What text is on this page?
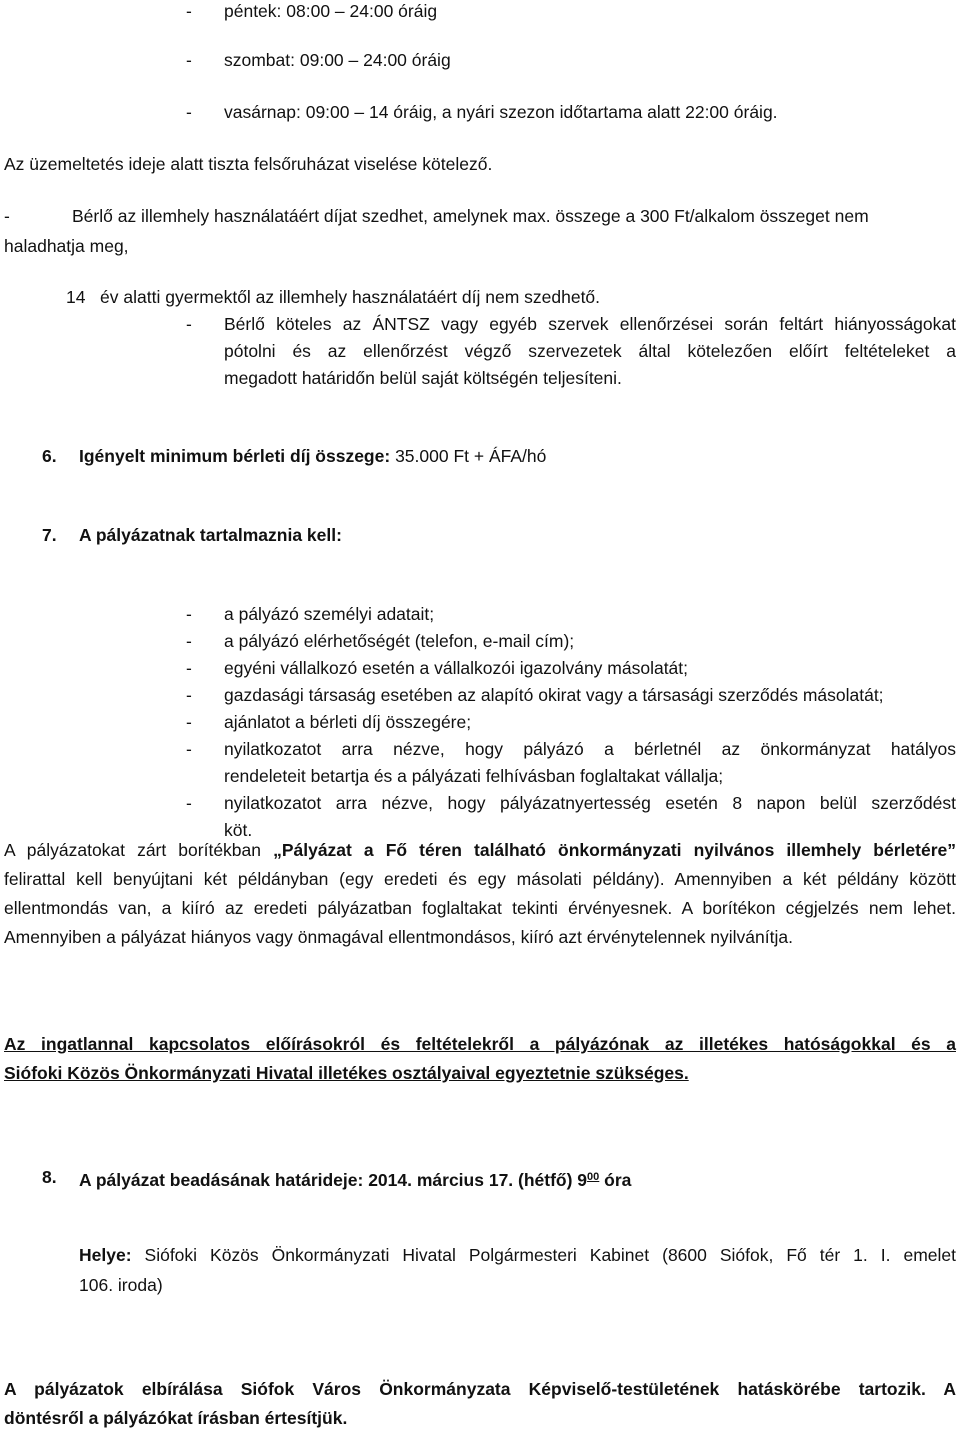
- péntek: 08:00 – 24:00 óráig
- szombat: 09:00 – 24:00 óráig
- vasárnap: 09:00 – 14 óráig, a nyári szezon időtartama alatt 22:00 óráig.
Az üzemeltetés ideje alatt tiszta felsőruházat viselése kötelező.
-	Bérlő az illemhely használatáért díjat szedhet, amelynek max. összege a 300 Ft/alkalom összeget nem
haladhatja meg,
14   év alatti gyermektől az illemhely használatáért díj nem szedhető.
- Bérlő köteles az ÁNTSZ vagy egyéb szervek ellenőrzései során feltárt hiányosságokat
pótolni és az ellenőrzést végző szervezetek által kötelezően előírt feltételeket a
megadott határidőn belül saját költségén teljesíteni.
6. Igényelt minimum bérleti díj összege: 35.000 Ft + ÁFA/hó
7. A pályázatnak tartalmaznia kell:
- a pályázó személyi adatait;
- a pályázó elérhetőségét (telefon, e-mail cím);
- egyéni vállalkozó esetén a vállalkozói igazolvány másolatát;
- gazdasági társaság esetében az alapító okirat vagy a társasági szerződés másolatát;
- ajánlatot a bérleti díj összegére;
- nyilatkozatot arra nézve, hogy pályázó a bérletnél az önkormányzat hatályos
rendeleteit betartja és a pályázati felhívásban foglaltakat vállalja;
- nyilatkozatot arra nézve, hogy pályázatnyertesség esetén 8 napon belül szerződést
köt.
A pályázatokat zárt borítékban „Pályázat a Fő téren található önkormányzati nyilvános illemhely bérletére”
felirattal kell benyújtani két példányban (egy eredeti és egy másolati példány). Amennyiben a két példány között
ellentmondás van, a kiíró az eredeti pályázatban foglaltakat tekinti érvényesnek. A borítékon cégjelzés nem lehet.
Amennyiben a pályázat hiányos vagy önmagával ellentmondásos, kiíró azt érvénytelennek nyilvánítja.
Az ingatlannal kapcsolatos előírásokról és feltételekről a pályázónak az illetékes hatóságokkal és a
Siófoki Közös Önkormányzati Hivatal illetékes osztályaival egyeztetnie szükséges.
8. A pályázat beadásának határideje: 2014. március 17. (hétfő) $9^{00}$ óra
Helye: Siófoki Közös Önkormányzati Hivatal Polgármesteri Kabinet (8600 Siófok, Fő tér 1. I. emelet
106. iroda)
A pályázatok elbírálása Siófok Város Önkormányzata Képviselő-testületének hatáskörébe tartozik. A
döntésről a pályázókat írásban értesítjük.
